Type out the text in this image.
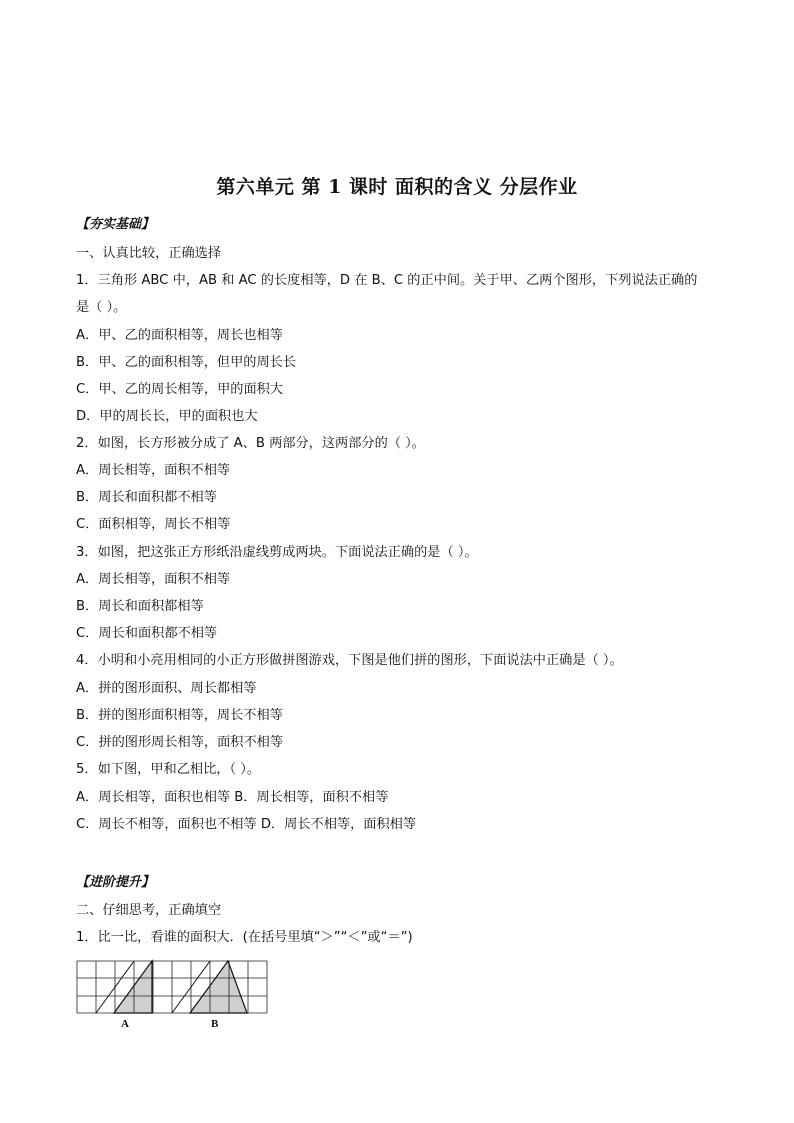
第六单元 第 1 课时 面积的含义 分层作业
【夯实基础】
一、认真比较，正确选择
1．三角形 ABC 中，AB 和 AC 的长度相等，D 在 B、C 的正中间。关于甲、乙两个图形，下列说法正确的
是（ ）。
A．甲、乙的面积相等，周长也相等
B．甲、乙的面积相等，但甲的周长长
C．甲、乙的周长相等，甲的面积大
D．甲的周长长，甲的面积也大
2．如图，长方形被分成了 A、B 两部分，这两部分的（ ）。
A．周长相等，面积不相等
B．周长和面积都不相等
C．面积相等，周长不相等
3．如图，把这张正方形纸沿虚线剪成两块。下面说法正确的是（ ）。
A．周长相等，面积不相等
B．周长和面积都相等
C．周长和面积都不相等
4．小明和小亮用相同的小正方形做拼图游戏，下图是他们拼的图形，下面说法中正确是（ ）。
A．拼的图形面积、周长都相等
B．拼的图形面积相等，周长不相等
C．拼的图形周长相等，面积不相等
5．如下图，甲和乙相比，（ ）。
A．周长相等，面积也相等 B．周长相等，面积不相等
C．周长不相等，面积也不相等 D．周长不相等，面积相等
【进阶提升】
二、仔细思考，正确填空
1．比一比，看谁的面积大．(在括号里填“＞”“＜”或“＝”)
A	B
